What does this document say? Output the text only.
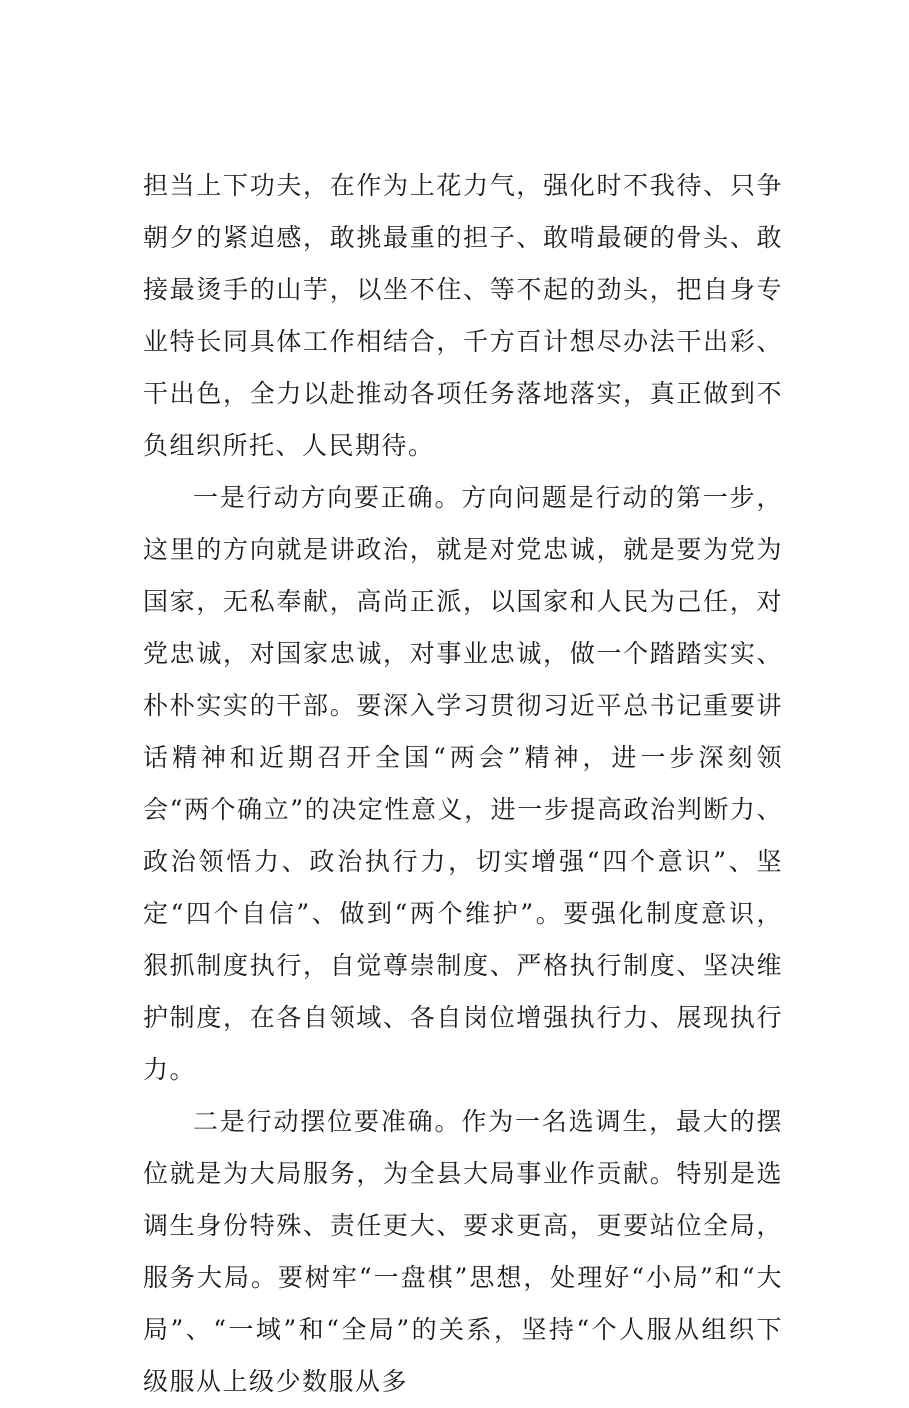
担当上下功夫，在作为上花力气，强化时不我待、只争朝夕的紧迫感，敢挑最重的担子、敢啃最硬的骨头、敢接最烫手的山芋，以坐不住、等不起的劲头，把自身专业特长同具体工作相结合，千方百计想尽办法干出彩、干出色，全力以赴推动各项任务落地落实，真正做到不负组织所托、人民期待。

一是行动方向要正确。方向问题是行动的第一步，这里的方向就是讲政治，就是对党忠诚，就是要为党为国家，无私奉献，高尚正派，以国家和人民为己任，对党忠诚，对国家忠诚，对事业忠诚，做一个踏踏实实、朴朴实实的干部。要深入学习贯彻习近平总书记重要讲话精神和近期召开全国“两会”精神，进一步深刻领会“两个确立”的决定性意义，进一步提高政治判断力、政治领悟力、政治执行力，切实增强“四个意识”、坚定“四个自信”、做到“两个维护”。要强化制度意识，狠抓制度执行，自觉尊崇制度、严格执行制度、坚决维护制度，在各自领域、各自岗位增强执行力、展现执行力。

二是行动摆位要准确。作为一名选调生，最大的摆位就是为大局服务，为全县大局事业作贡献。特别是选调生身份特殊、责任更大、要求更高，更要站位全局，服务大局。要树牢“一盘棋”思想，处理好“小局”和“大局”、“一域”和“全局”的关系，坚持“个人服从组织下级服从上级少数服从多
